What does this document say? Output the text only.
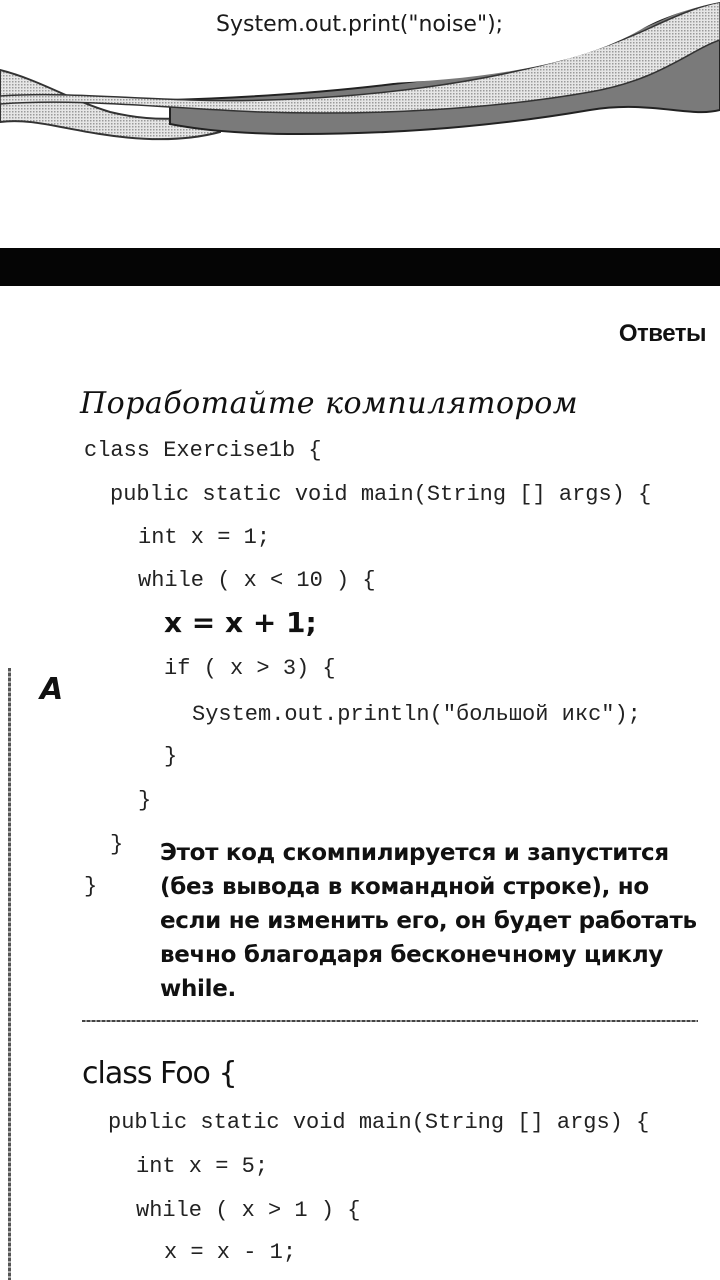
System.out.print("noise");
Ответы
Поработайте компилятором
class Exercise1b {
public static void main(String [] args) {
int x = 1;
while ( x < 10 ) {
x = x + 1;
if ( x > 3) {
System.out.println("большой икс");
}
}
}
}
A
Этот код скомпилируется и запустится (без вывода в командной строке), но если не изменить его, он будет работать вечно благодаря бесконечному циклу while.
class Foo {
public static void main(String [] args) {
int x = 5;
while ( x > 1 ) {
x = x - 1;
